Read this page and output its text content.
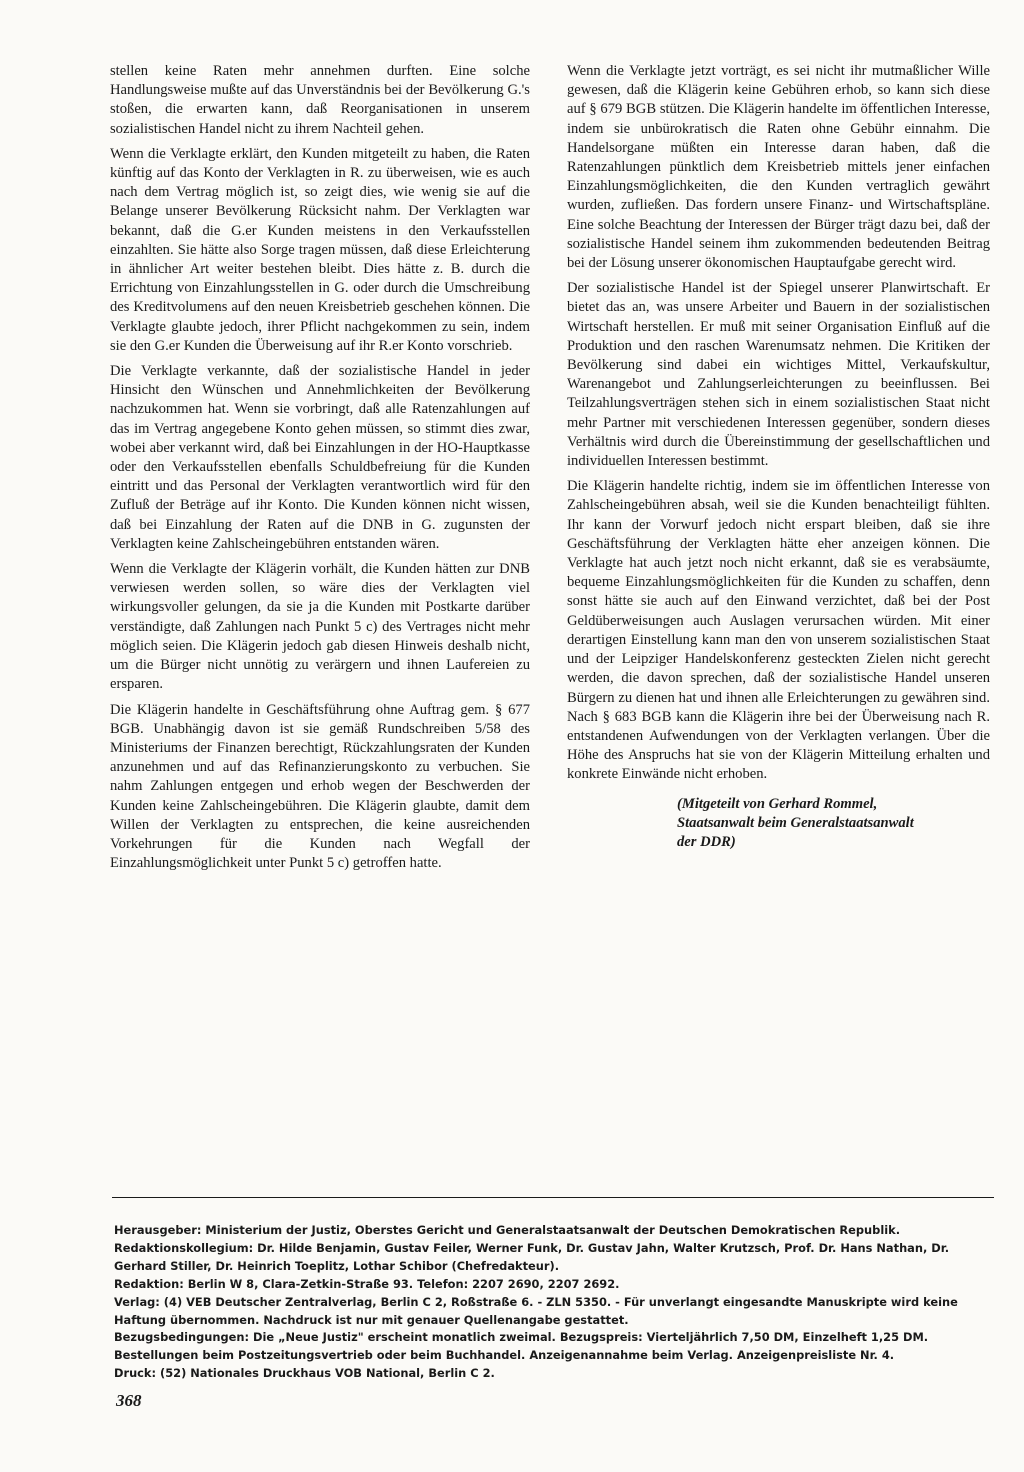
stellen keine Raten mehr annehmen durften. Eine solche Handlungsweise mußte auf das Unverständnis bei der Bevölkerung G.'s stoßen, die erwarten kann, daß Reorganisationen in unserem sozialistischen Handel nicht zu ihrem Nachteil gehen.

Wenn die Verklagte erklärt, den Kunden mitgeteilt zu haben, die Raten künftig auf das Konto der Verklagten in R. zu überweisen, wie es auch nach dem Vertrag möglich ist, so zeigt dies, wie wenig sie auf die Belange unserer Bevölkerung Rücksicht nahm. Der Verklagten war bekannt, daß die G.er Kunden meistens in den Verkaufsstellen einzahlten. Sie hätte also Sorge tragen müssen, daß diese Erleichterung in ähnlicher Art weiter bestehen bleibt. Dies hätte z. B. durch die Errichtung von Einzahlungsstellen in G. oder durch die Umschreibung des Kreditvolumens auf den neuen Kreisbetrieb geschehen können. Die Verklagte glaubte jedoch, ihrer Pflicht nachgekommen zu sein, indem sie den G.er Kunden die Überweisung auf ihr R.er Konto vorschrieb.

Die Verklagte verkannte, daß der sozialistische Handel in jeder Hinsicht den Wünschen und Annehmlichkeiten der Bevölkerung nachzukommen hat. Wenn sie vorbringt, daß alle Ratenzahlungen auf das im Vertrag angegebene Konto gehen müssen, so stimmt dies zwar, wobei aber verkannt wird, daß bei Einzahlungen in der HO-Hauptkasse oder den Verkaufsstellen ebenfalls Schuldbefreiung für die Kunden eintritt und das Personal der Verklagten verantwortlich wird für den Zufluß der Beträge auf ihr Konto. Die Kunden können nicht wissen, daß bei Einzahlung der Raten auf die DNB in G. zugunsten der Verklagten keine Zahlscheingebühren entstanden wären.

Wenn die Verklagte der Klägerin vorhält, die Kunden hätten zur DNB verwiesen werden sollen, so wäre dies der Verklagten viel wirkungsvoller gelungen, da sie ja die Kunden mit Postkarte darüber verständigte, daß Zahlungen nach Punkt 5 c) des Vertrages nicht mehr möglich seien. Die Klägerin jedoch gab diesen Hinweis deshalb nicht, um die Bürger nicht unnötig zu verärgern und ihnen Laufereien zu ersparen.

Die Klägerin handelte in Geschäftsführung ohne Auftrag gem. § 677 BGB. Unabhängig davon ist sie gemäß Rundschreiben 5/58 des Ministeriums der Finanzen berechtigt, Rückzahlungsraten der Kunden anzunehmen und auf das Refinanzierungskonto zu verbuchen. Sie nahm Zahlungen entgegen und erhob wegen der Beschwerden der Kunden keine Zahlscheingebühren. Die Klägerin glaubte, damit dem Willen der Verklagten zu entsprechen, die keine ausreichenden Vorkehrungen für die Kunden nach Wegfall der Einzahlungsmöglichkeit unter Punkt 5 c) getroffen hatte.

Wenn die Verklagte jetzt vorträgt, es sei nicht ihr mutmaßlicher Wille gewesen, daß die Klägerin keine Gebühren erhob, so kann sich diese auf § 679 BGB stützen. Die Klägerin handelte im öffentlichen Interesse, indem sie unbürokratisch die Raten ohne Gebühr einnahm. Die Handelsorgane müßten ein Interesse daran haben, daß die Ratenzahlungen pünktlich dem Kreisbetrieb mittels jener einfachen Einzahlungsmöglichkeiten, die den Kunden vertraglich gewährt wurden, zufließen. Das fordern unsere Finanz- und Wirtschaftspläne. Eine solche Beachtung der Interessen der Bürger trägt dazu bei, daß der sozialistische Handel seinem ihm zukommenden bedeutenden Beitrag bei der Lösung unserer ökonomischen Hauptaufgabe gerecht wird.

Der sozialistische Handel ist der Spiegel unserer Planwirtschaft. Er bietet das an, was unsere Arbeiter und Bauern in der sozialistischen Wirtschaft herstellen. Er muß mit seiner Organisation Einfluß auf die Produktion und den raschen Warenumsatz nehmen. Die Kritiken der Bevölkerung sind dabei ein wichtiges Mittel, Verkaufskultur, Warenangebot und Zahlungserleichterungen zu beeinflussen. Bei Teilzahlungsverträgen stehen sich in einem sozialistischen Staat nicht mehr Partner mit verschiedenen Interessen gegenüber, sondern dieses Verhältnis wird durch die Übereinstimmung der gesellschaftlichen und individuellen Interessen bestimmt.

Die Klägerin handelte richtig, indem sie im öffentlichen Interesse von Zahlscheingebühren absah, weil sie die Kunden benachteiligt fühlten. Ihr kann der Vorwurf jedoch nicht erspart bleiben, daß sie ihre Geschäftsführung der Verklagten hätte eher anzeigen können. Die Verklagte hat auch jetzt noch nicht erkannt, daß sie es verabsäumte, bequeme Einzahlungsmöglichkeiten für die Kunden zu schaffen, denn sonst hätte sie auch auf den Einwand verzichtet, daß bei der Post Geldüberweisungen auch Auslagen verursachen würden. Mit einer derartigen Einstellung kann man den von unserem sozialistischen Staat und der Leipziger Handelskonferenz gesteckten Zielen nicht gerecht werden, die davon sprechen, daß der sozialistische Handel unseren Bürgern zu dienen hat und ihnen alle Erleichterungen zu gewähren sind. Nach § 683 BGB kann die Klägerin ihre bei der Überweisung nach R. entstandenen Aufwendungen von der Verklagten verlangen. Über die Höhe des Anspruchs hat sie von der Klägerin Mitteilung erhalten und konkrete Einwände nicht erhoben.

(Mitgeteilt von Gerhard Rommel,
Staatsanwalt beim Generalstaatsanwalt
der DDR)

Herausgeber: Ministerium der Justiz, Oberstes Gericht und Generalstaatsanwalt der Deutschen Demokratischen Republik.

Redaktionskollegium: Dr. Hilde Benjamin, Gustav Feiler, Werner Funk, Dr. Gustav Jahn, Walter Krutzsch, Prof. Dr. Hans Nathan, Dr. Gerhard Stiller, Dr. Heinrich Toeplitz, Lothar Schibor (Chefredakteur).

Redaktion: Berlin W 8, Clara-Zetkin-Straße 93. Telefon: 2207 2690, 2207 2692.

Verlag: (4) VEB Deutscher Zentralverlag, Berlin C 2, Roßstraße 6. - ZLN 5350. - Für unverlangt eingesandte Manuskripte wird keine Haftung übernommen. Nachdruck ist nur mit genauer Quellenangabe gestattet.

Bezugsbedingungen: Die „Neue Justiz" erscheint monatlich zweimal. Bezugspreis: Vierteljährlich 7,50 DM, Einzelheft 1,25 DM. Bestellungen beim Postzeitungsvertrieb oder beim Buchhandel. Anzeigenannahme beim Verlag. Anzeigenpreisliste Nr. 4.

Druck: (52) Nationales Druckhaus VOB National, Berlin C 2.

368
